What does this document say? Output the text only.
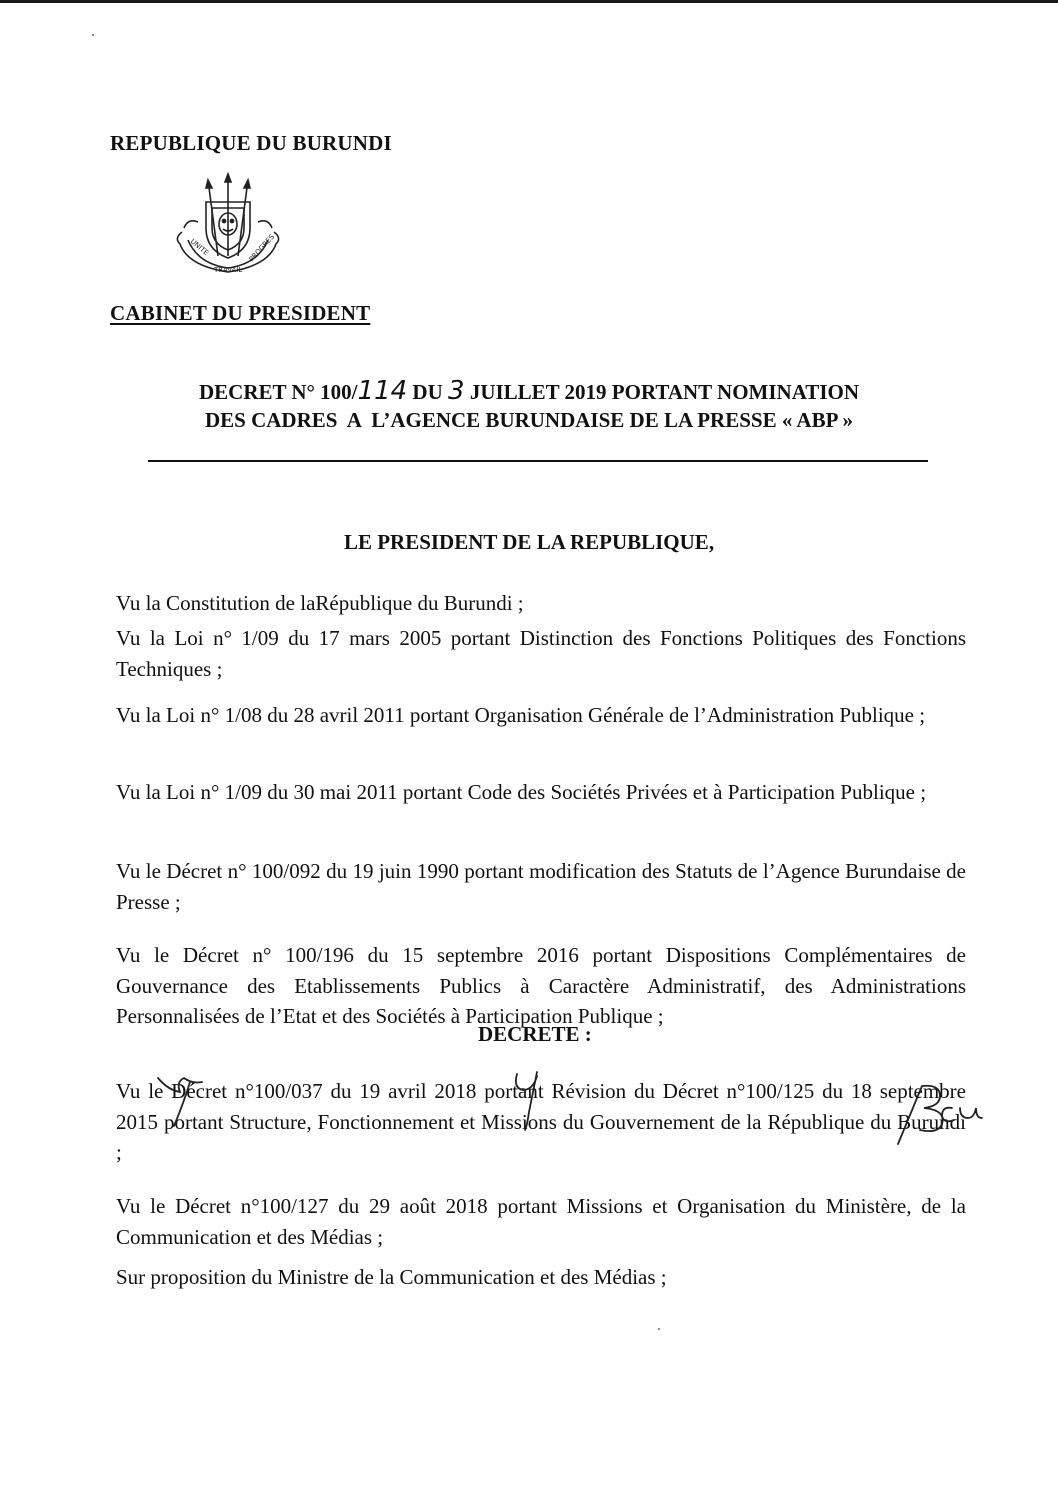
REPUBLIQUE DU BURUNDI
UNITE
TRAVAIL
PROGRES
CABINET DU PRESIDENT
DECRET N° 100/114 DU 3 JUILLET 2019 PORTANT NOMINATION
DES CADRES  A  L’AGENCE BURUNDAISE DE LA PRESSE « ABP »
LE PRESIDENT DE LA REPUBLIQUE,
Vu la Constitution de laRépublique du Burundi ;
Vu la Loi n° 1/09 du 17 mars 2005 portant Distinction des Fonctions Politiques des Fonctions Techniques ;
Vu la Loi n° 1/08 du 28 avril 2011 portant Organisation Générale de l’Administration Publique ;
Vu la Loi n° 1/09 du 30 mai 2011 portant Code des Sociétés Privées et à Participation Publique ;
Vu le Décret n° 100/092 du 19 juin 1990 portant modification des Statuts de l’Agence Burundaise de Presse ;
Vu le Décret n° 100/196 du 15 septembre 2016 portant Dispositions Complémentaires de Gouvernance des Etablissements Publics à Caractère Administratif, des Administrations Personnalisées de l’Etat et des Sociétés à Participation Publique ;
Vu le Décret n°100/037 du 19 avril 2018 portant Révision du Décret n°100/125 du 18 septembre 2015 portant Structure, Fonctionnement et Missions du Gouvernement de la République du Burundi ;
Vu le Décret n°100/127 du 29 août 2018 portant Missions et Organisation du Ministère, de la Communication et des Médias ;
Sur proposition du Ministre de la Communication et des Médias ;
DECRETE :
